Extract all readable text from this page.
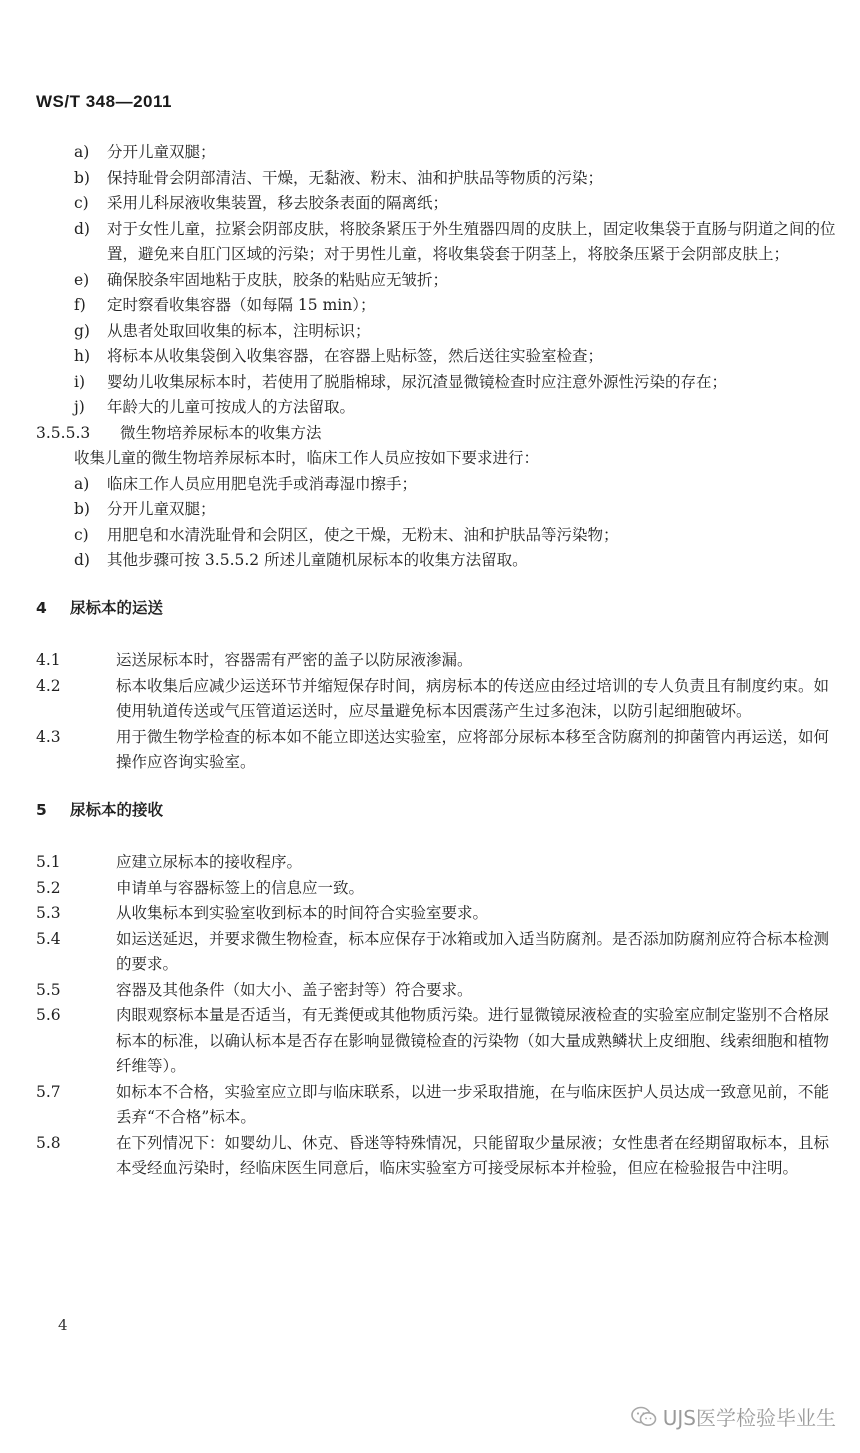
WS/T 348—2011
a)	分开儿童双腿；
b)	保持耻骨会阴部清洁、干燥，无黏液、粉末、油和护肤品等物质的污染；
c)	采用儿科尿液收集装置，移去胶条表面的隔离纸；
d)	对于女性儿童，拉紧会阴部皮肤，将胶条紧压于外生殖器四周的皮肤上，固定收集袋于直肠与阴道之间的位置，避免来自肛门区域的污染；对于男性儿童，将收集袋套于阴茎上，将胶条压紧于会阴部皮肤上；
e)	确保胶条牢固地粘于皮肤，胶条的粘贴应无皱折；
f)	定时察看收集容器（如每隔 15 min）；
g)	从患者处取回收集的标本，注明标识；
h)	将标本从收集袋倒入收集容器，在容器上贴标签，然后送往实验室检查；
i)	婴幼儿收集尿标本时，若使用了脱脂棉球，尿沉渣显微镜检查时应注意外源性污染的存在；
j)	年龄大的儿童可按成人的方法留取。
3.5.5.3	微生物培养尿标本的收集方法
收集儿童的微生物培养尿标本时，临床工作人员应按如下要求进行：
a)	临床工作人员应用肥皂洗手或消毒湿巾擦手；
b)	分开儿童双腿；
c)	用肥皂和水清洗耻骨和会阴区，使之干燥，无粉末、油和护肤品等污染物；
d)	其他步骤可按 3.5.5.2 所述儿童随机尿标本的收集方法留取。
4	尿标本的运送
4.1	运送尿标本时，容器需有严密的盖子以防尿液渗漏。
4.2	标本收集后应减少运送环节并缩短保存时间，病房标本的传送应由经过培训的专人负责且有制度约束。如使用轨道传送或气压管道运送时，应尽量避免标本因震荡产生过多泡沫，以防引起细胞破坏。
4.3	用于微生物学检查的标本如不能立即送达实验室，应将部分尿标本移至含防腐剂的抑菌管内再运送，如何操作应咨询实验室。
5	尿标本的接收
5.1	应建立尿标本的接收程序。
5.2	申请单与容器标签上的信息应一致。
5.3	从收集标本到实验室收到标本的时间符合实验室要求。
5.4	如运送延迟，并要求微生物检查，标本应保存于冰箱或加入适当防腐剂。是否添加防腐剂应符合标本检测的要求。
5.5	容器及其他条件（如大小、盖子密封等）符合要求。
5.6	肉眼观察标本量是否适当，有无粪便或其他物质污染。进行显微镜尿液检查的实验室应制定鉴别不合格尿标本的标准，以确认标本是否存在影响显微镜检查的污染物（如大量成熟鳞状上皮细胞、线索细胞和植物纤维等）。
5.7	如标本不合格，实验室应立即与临床联系，以进一步采取措施，在与临床医护人员达成一致意见前，不能丢弃“不合格”标本。
5.8	在下列情况下：如婴幼儿、休克、昏迷等特殊情况，只能留取少量尿液；女性患者在经期留取标本，且标本受经血污染时，经临床医生同意后，临床实验室方可接受尿标本并检验，但应在检验报告中注明。
4
UJS医学检验毕业生
